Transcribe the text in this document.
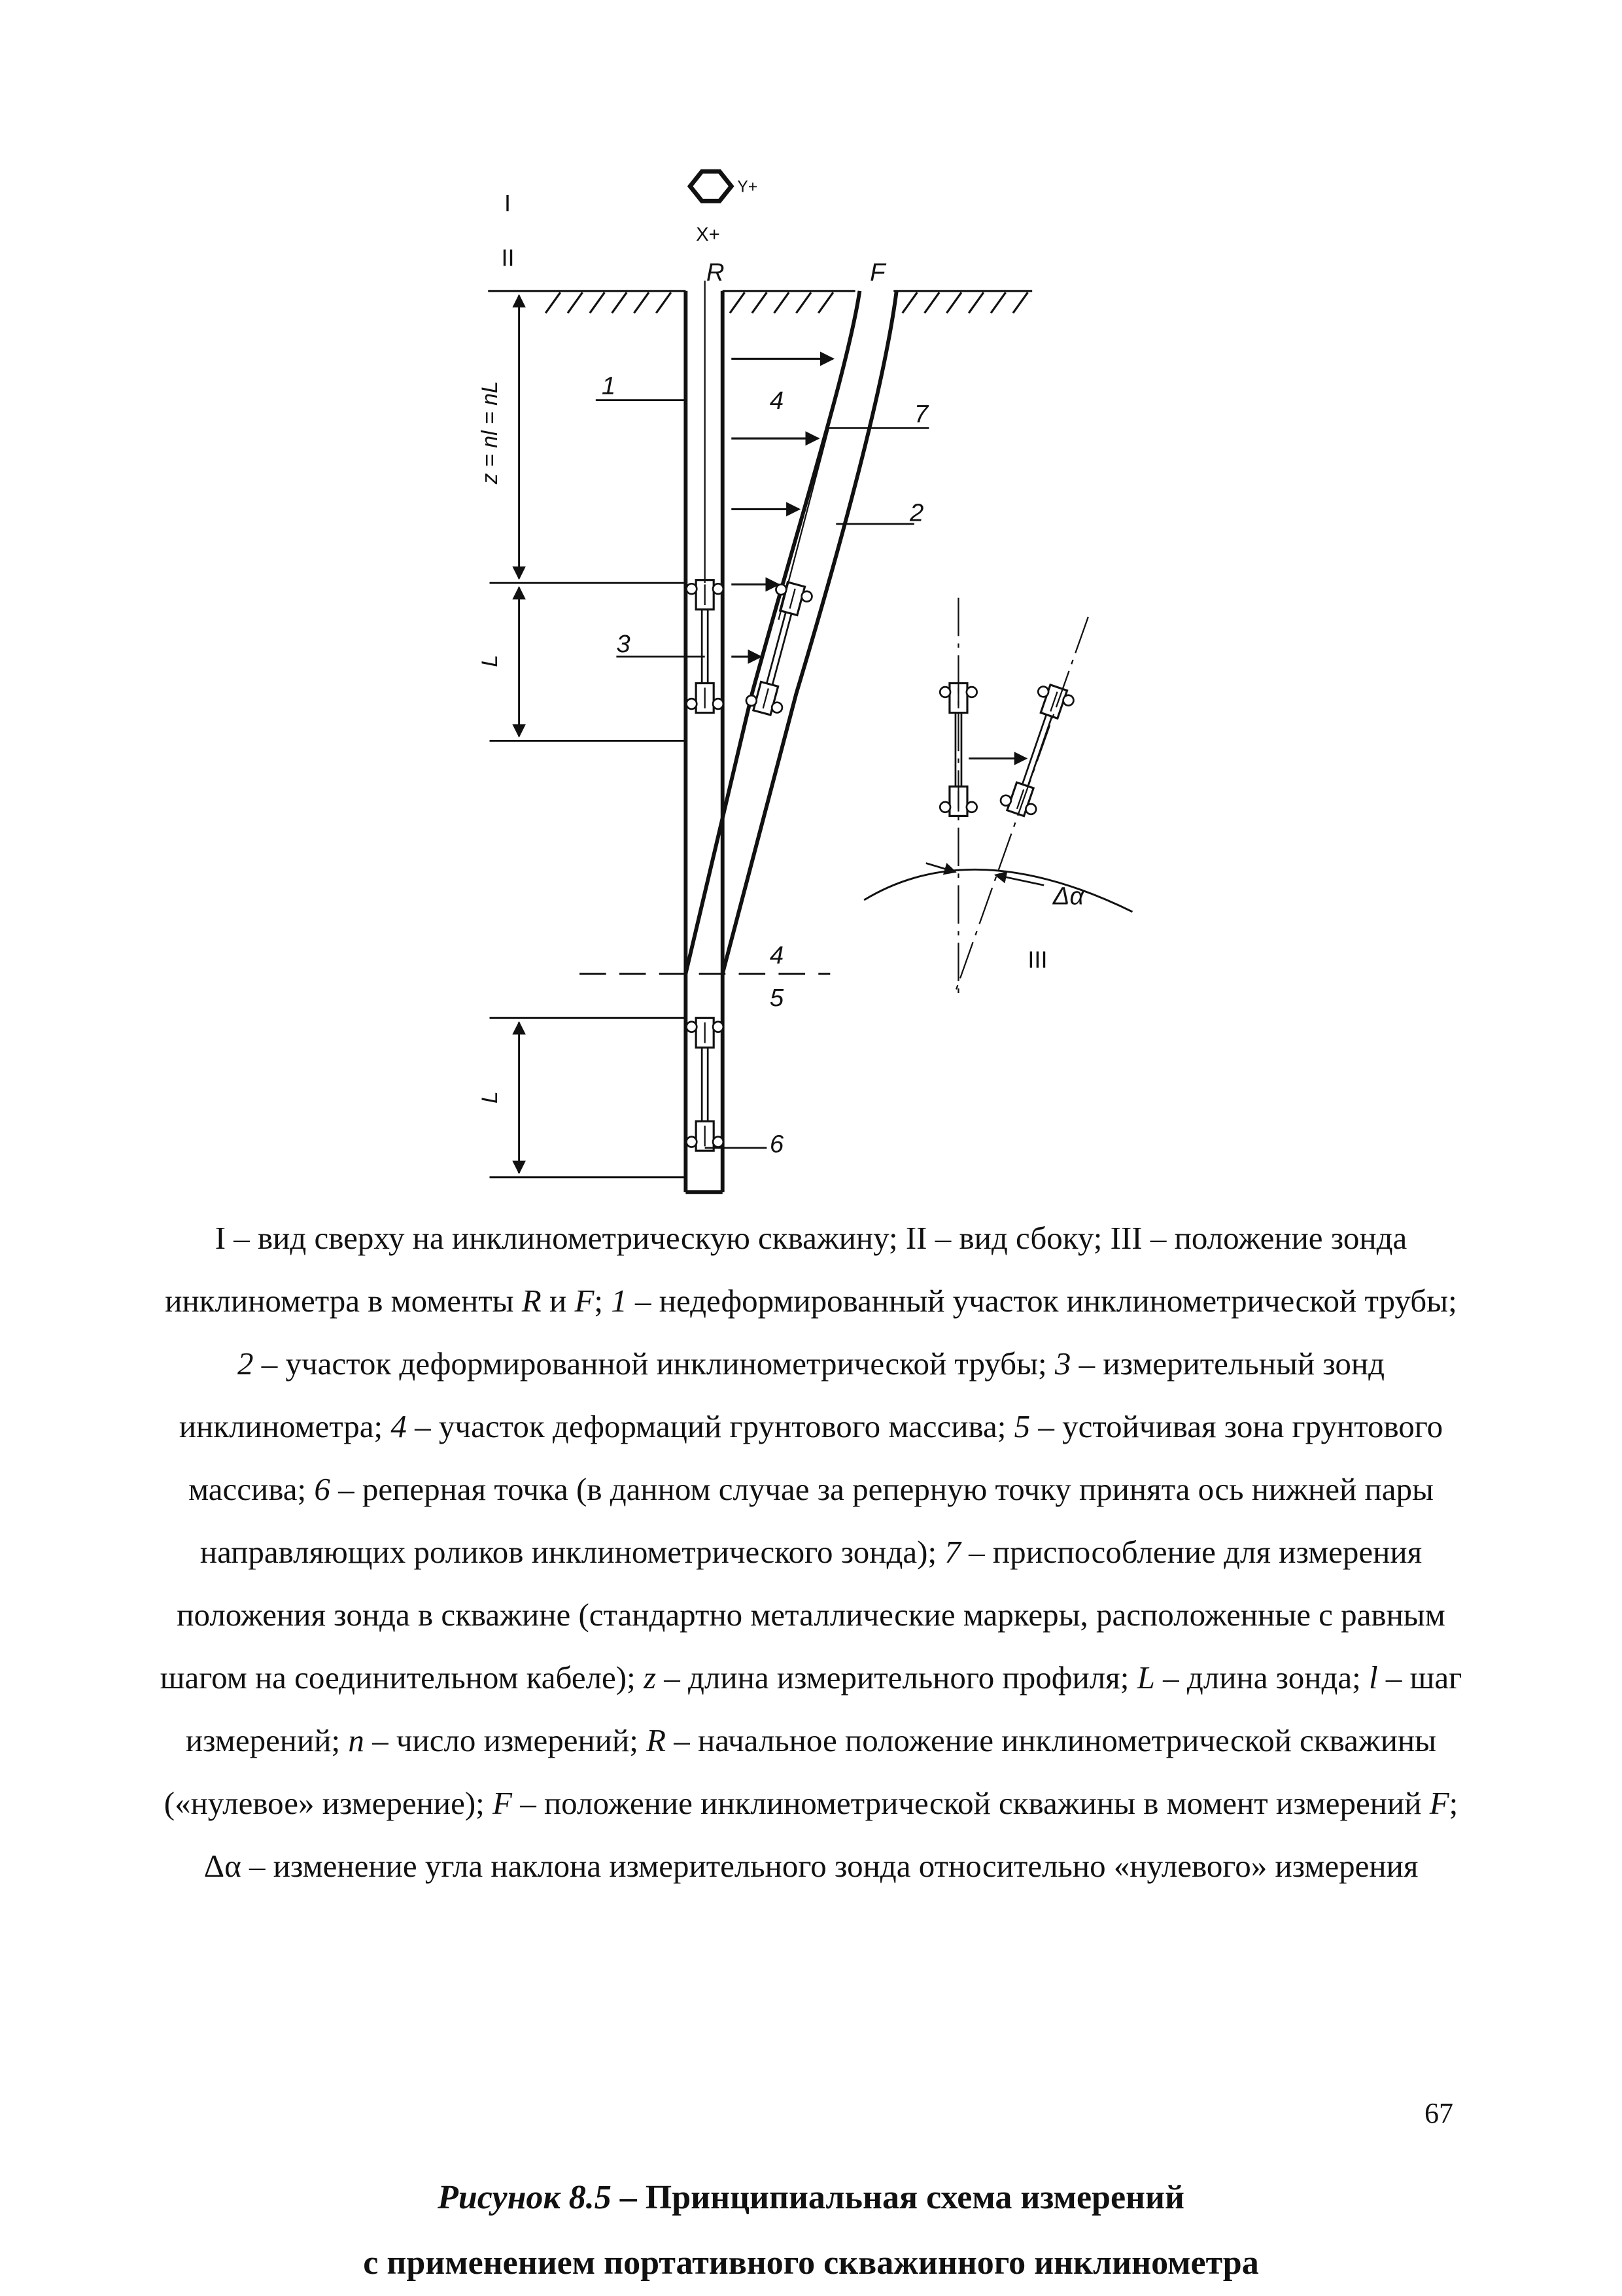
Y+
X+
I
II
R	F
z = nl = nL
L
L
4
5
1
2
3
4	7
6
Δα
III

I – вид сверху на инклинометрическую скважину; II – вид сбоку; III – положение зонда инклинометра в моменты R и F; 1 – недеформированный участок инклинометрической трубы; 2 – участок деформированной инклинометрической трубы; 3 – измерительный зонд инклинометра; 4 – участок деформаций грунтового массива; 5 – устойчивая зона грунтового массива; 6 – реперная точка (в данном случае за реперную точку принята ось нижней пары направляющих роликов инклинометрического зонда); 7 – приспособление для измерения положения зонда в скважине (стандартно металлические маркеры, расположенные с равным шагом на соединительном кабеле); z – длина измерительного профиля; L – длина зонда; l – шаг измерений; n – число измерений; R – начальное положение инклинометрической скважины («нулевое» измерение); F – положение инклинометрической скважины в момент измерений F; Δα – изменение угла наклона измерительного зонда относительно «нулевого» измерения

Рисунок 8.5 – Принципиальная схема измерений
с применением портативного скважинного инклинометра
67
